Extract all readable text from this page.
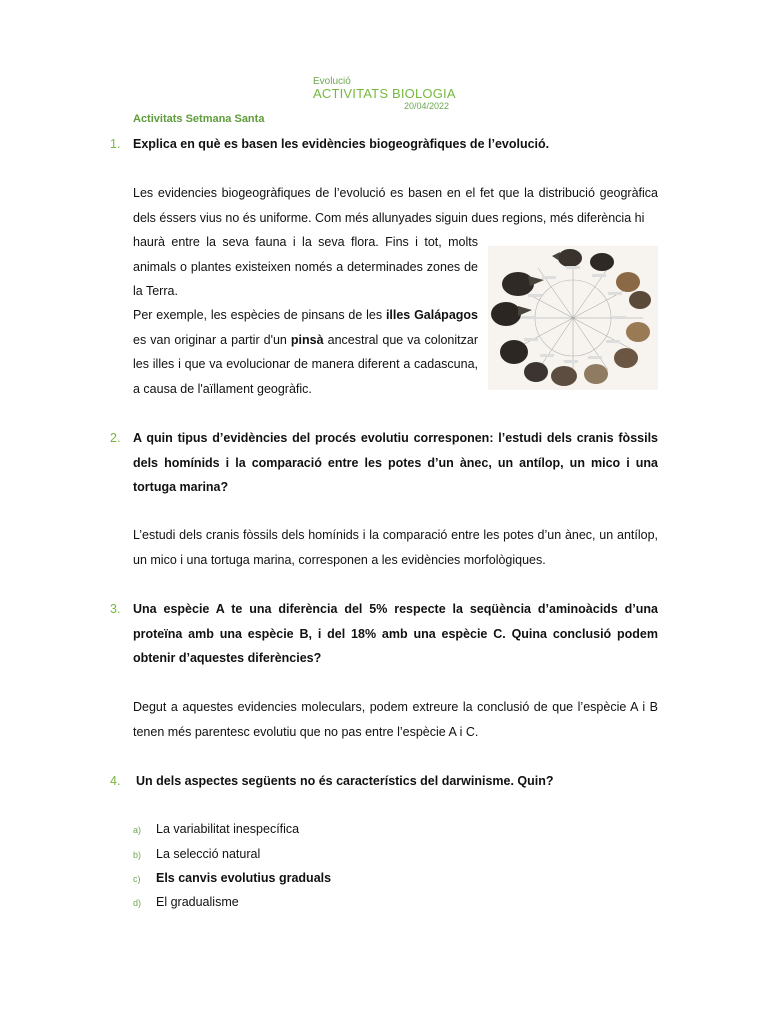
Evolució
ACTIVITATS BIOLOGIA
20/04/2022
Activitats Setmana Santa
1. Explica en què es basen les evidències biogeogràfiques de l’evolució.
Les evidencies biogeogràfiques de l’evolució es basen en el fet que la distribució geogràfica dels éssers vius no és uniforme. Com més allunyades siguin dues regions, més diferència hi
haurà entre la seva fauna i la seva flora. Fins i tot, molts animals o plantes existeixen només a determinades zones de la Terra.
Per exemple, les espècies de pinsans de les illes Galápagos es van originar a partir d'un pinsà ancestral que va colonitzar les illes i que va evolucionar de manera diferent a cadascuna, a causa de l'aïllament geogràfic.
2. A quin tipus d’evidències del procés evolutiu corresponen: l’estudi dels cranis fòssils dels homínids i la comparació entre les potes d’un ànec, un antílop, un mico i una tortuga marina?
L’estudi dels cranis fòssils dels homínids i la comparació entre les potes d’un ànec, un antílop, un mico i una tortuga marina, corresponen a les evidències morfològiques.
3. Una espècie A te una diferència del 5% respecte la seqüència d’aminoàcids d’una proteïna amb una espècie B, i del 18% amb una espècie C. Quina conclusió podem obtenir d’aquestes diferències?
Degut a aquestes evidencies moleculars, podem extreure la conclusió de que l’espècie A i B tenen més parentesc evolutiu que no pas entre l’espècie A i C.
4. Un dels aspectes següents no és característics del darwinisme. Quin?
a) La variabilitat inespecífica
b) La selecció natural
c) Els canvis evolutius graduals
d) El gradualisme
